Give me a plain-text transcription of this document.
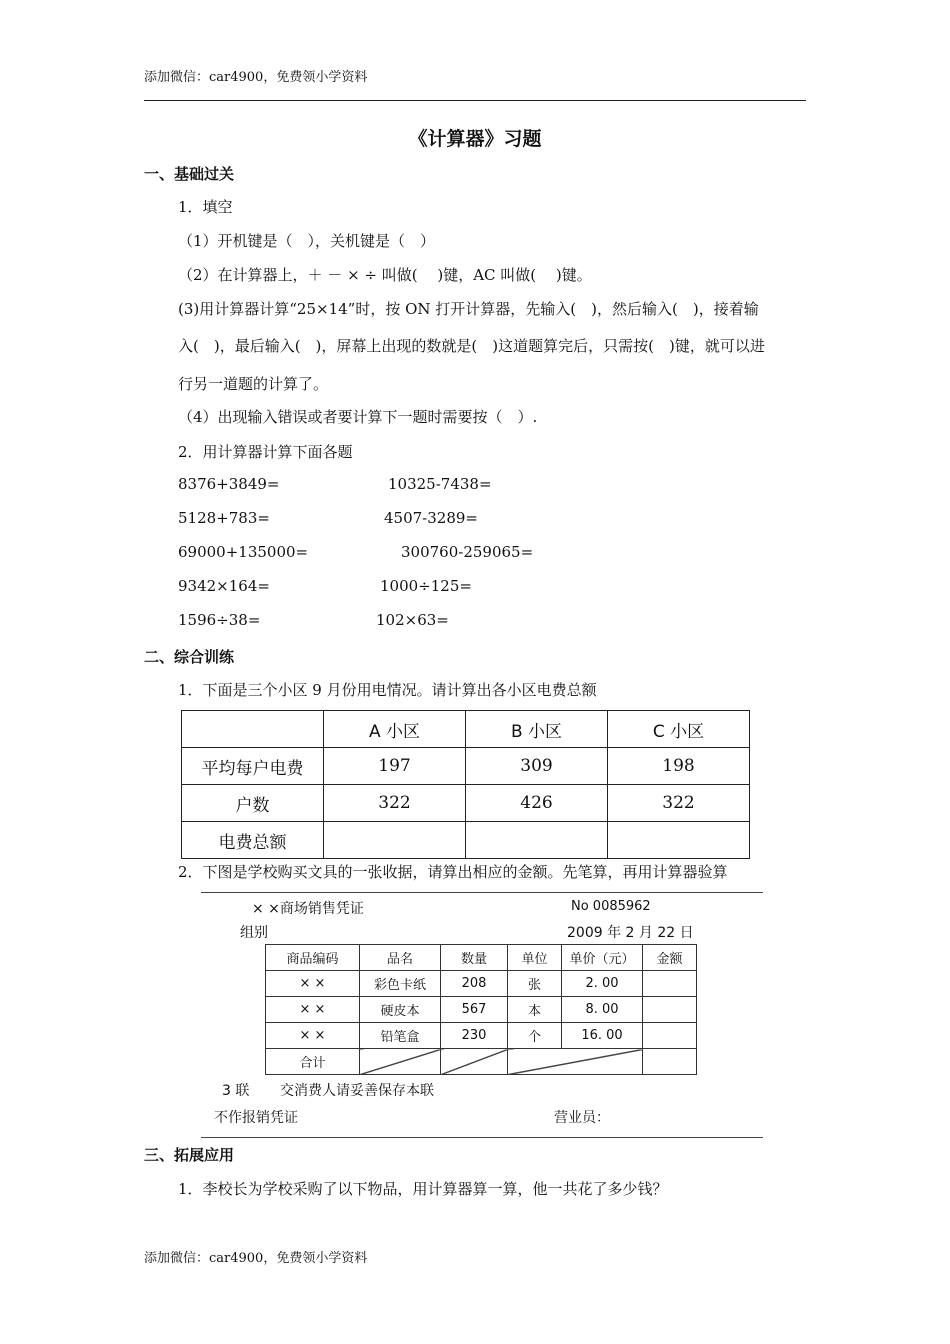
添加微信：car4900，免费领小学资料
《计算器》习题
一、基础过关
1．填空
（1）开机键是（　），关机键是（　）
（2）在计算器上，＋ － × ÷ 叫做(　 )键，AC 叫做(　 )键。
(3)用计算器计算“25×14”时，按 ON 打开计算器，先输入(　)，然后输入(　)，接着输
入(　)，最后输入(　)，屏幕上出现的数就是(　)这道题算完后，只需按(　)键，就可以进
行另一道题的计算了。
（4）出现输入错误或者要计算下一题时需要按（　）.
2．用计算器计算下面各题
8376+3849=	10325-7438=
5128+783=	4507-3289=
69000+135000=	300760-259065=
9342×164=	1000÷125=
1596÷38=	102×63=
二、综合训练
1．下面是三个小区 9 月份用电情况。请计算出各小区电费总额
	A 小区	B 小区	C 小区
平均每户电费	197	309	198
户数	322	426	322
电费总额			
2．下图是学校购买文具的一张收据，请算出相应的金额。先笔算，再用计算器验算
× ×商场销售凭证	No 0085962
组别	2009 年 2 月 22 日
商品编码	品名	数量	单位	单价（元）	金额
× ×	彩色卡纸	208	张	2. 00	
× ×	硬皮本	567	本	8. 00	
× ×	铅笔盒	230	个	16. 00	
合计					
3 联 交消费人请妥善保存本联
不作报销凭证	营业员：
三、拓展应用
1．李校长为学校采购了以下物品，用计算器算一算，他一共花了多少钱？
添加微信：car4900，免费领小学资料
